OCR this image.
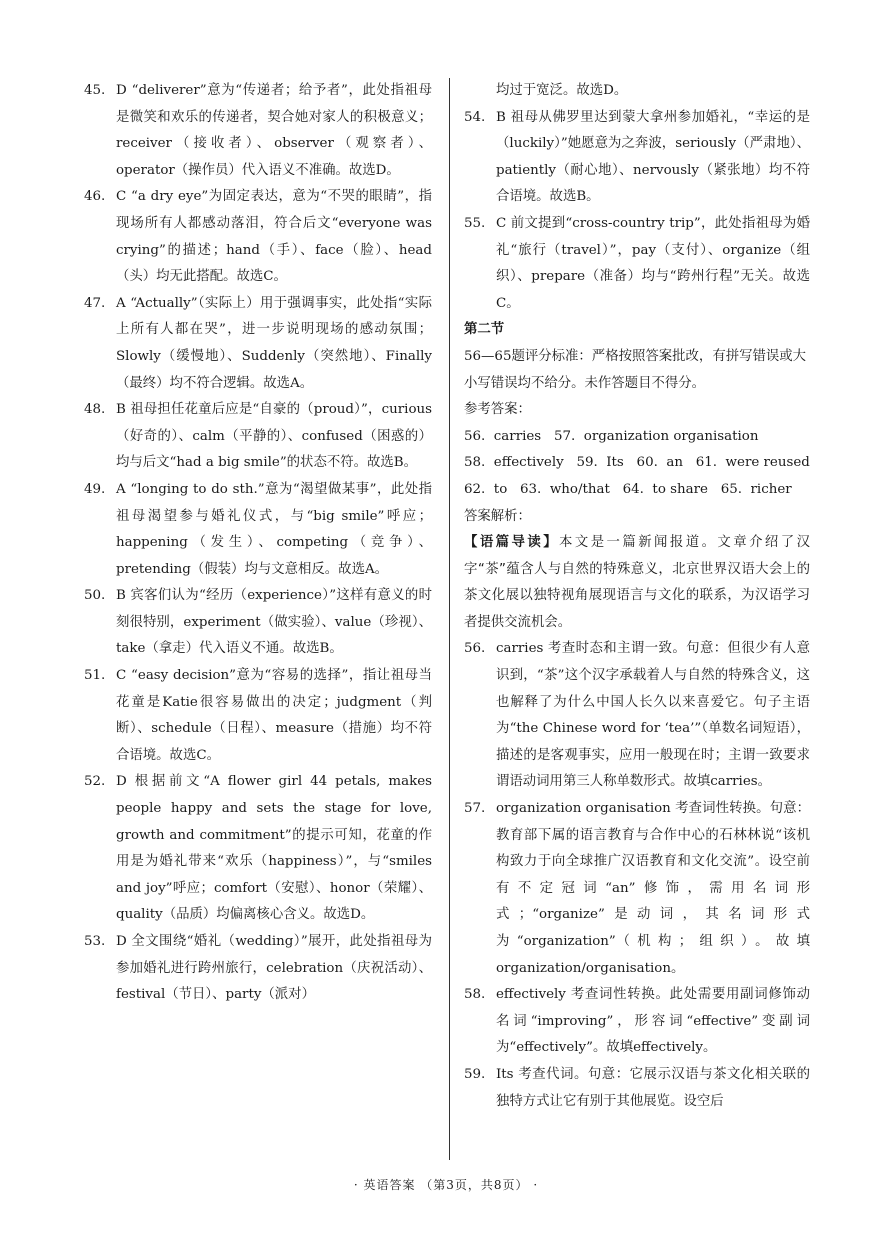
45. D “deliverer”意为“传递者；给予者”，此处指祖母是微笑和欢乐的传递者，契合她对家人的积极意义；receiver（接收者）、observer（观察者）、operator（操作员）代入语义不准确。故选D。

46. C “a dry eye”为固定表达，意为“不哭的眼睛”，指现场所有人都感动落泪，符合后文“everyone was crying”的描述；hand（手）、face（脸）、head（头）均无此搭配。故选C。

47. A “Actually”（实际上）用于强调事实，此处指“实际上所有人都在哭”，进一步说明现场的感动氛围；Slowly（缓慢地）、Suddenly（突然地）、Finally（最终）均不符合逻辑。故选A。

48. B 祖母担任花童后应是“自豪的（proud）”，curious（好奇的）、calm（平静的）、confused（困惑的）均与后文“had a big smile”的状态不符。故选B。

49. A “longing to do sth.”意为“渴望做某事”，此处指祖母渴望参与婚礼仪式，与“big smile”呼应；happening（发生）、competing（竞争）、pretending（假装）均与文意相反。故选A。

50. B 宾客们认为“经历（experience）”这样有意义的时刻很特别，experiment（做实验）、value（珍视）、take（拿走）代入语义不通。故选B。

51. C “easy decision”意为“容易的选择”，指让祖母当花童是Katie很容易做出的决定；judgment（判断）、schedule（日程）、measure（措施）均不符合语境。故选C。

52. D 根据前文“A flower girl 44 petals, makes people happy and sets the stage for love, growth and commitment”的提示可知，花童的作用是为婚礼带来“欢乐（happiness）”，与“smiles and joy”呼应；comfort（安慰）、honor（荣耀）、quality（品质）均偏离核心含义。故选D。

53. D 全文围绕“婚礼（wedding）”展开，此处指祖母为参加婚礼进行跨州旅行，celebration（庆祝活动）、festival（节日）、party（派对）

均过于宽泛。故选D。

54. B 祖母从佛罗里达到蒙大拿州参加婚礼，“幸运的是（luckily）”她愿意为之奔波，seriously（严肃地）、patiently（耐心地）、nervously（紧张地）均不符合语境。故选B。

55. C 前文提到“cross-country trip”，此处指祖母为婚礼“旅行（travel）”，pay（支付）、organize（组织）、prepare（准备）均与“跨州行程”无关。故选C。

第二节

56—65题评分标准：严格按照答案批改，有拼写错误或大小写错误均不给分。未作答题目不得分。

参考答案：

56.  carries   57.  organization organisation

58.  effectively   59.  Its   60.  an   61.  were reused

62.  to   63.  who/that   64.  to share   65.  richer

答案解析：

【语篇导读】本文是一篇新闻报道。文章介绍了汉字“茶”蕴含人与自然的特殊意义，北京世界汉语大会上的茶文化展以独特视角展现语言与文化的联系，为汉语学习者提供交流机会。

56. carries 考查时态和主谓一致。句意：但很少有人意识到，“茶”这个汉字承载着人与自然的特殊含义，这也解释了为什么中国人长久以来喜爱它。句子主语为“the Chinese word for ‘tea’”（单数名词短语），描述的是客观事实，应用一般现在时；主谓一致要求谓语动词用第三人称单数形式。故填carries。

57. organization organisation 考查词性转换。句意：教育部下属的语言教育与合作中心的石林林说“该机构致力于向全球推广汉语教育和文化交流”。设空前有不定冠词“an”修饰，需用名词形式；“organize”是动词，其名词形式为“organization”（机构；组织）。故填organization/organisation。

58. effectively 考查词性转换。此处需要用副词修饰动名词“improving”，形容词“effective”变副词为“effectively”。故填effectively。

59. Its 考查代词。句意：它展示汉语与茶文化相关联的独特方式让它有别于其他展览。设空后

· 英语答案 （第3页，共8页） ·
